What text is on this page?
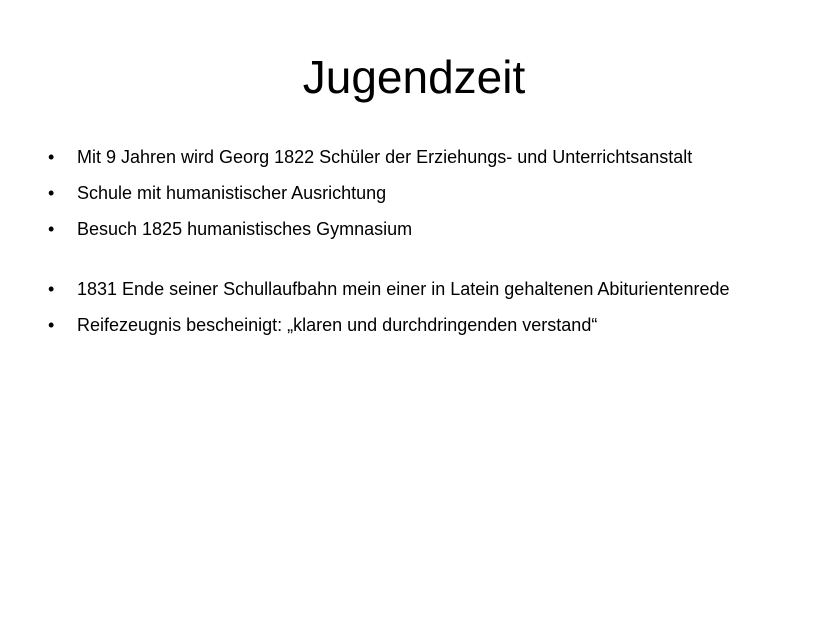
Jugendzeit
•	Mit 9 Jahren wird Georg 1822 Schüler der Erziehungs- und Unterrichtsanstalt
•	Schule mit humanistischer Ausrichtung
•	Besuch 1825 humanistisches Gymnasium
•	1831 Ende seiner Schullaufbahn mein einer in Latein gehaltenen Abiturientenrede
•	Reifezeugnis bescheinigt: „klaren und durchdringenden verstand“
